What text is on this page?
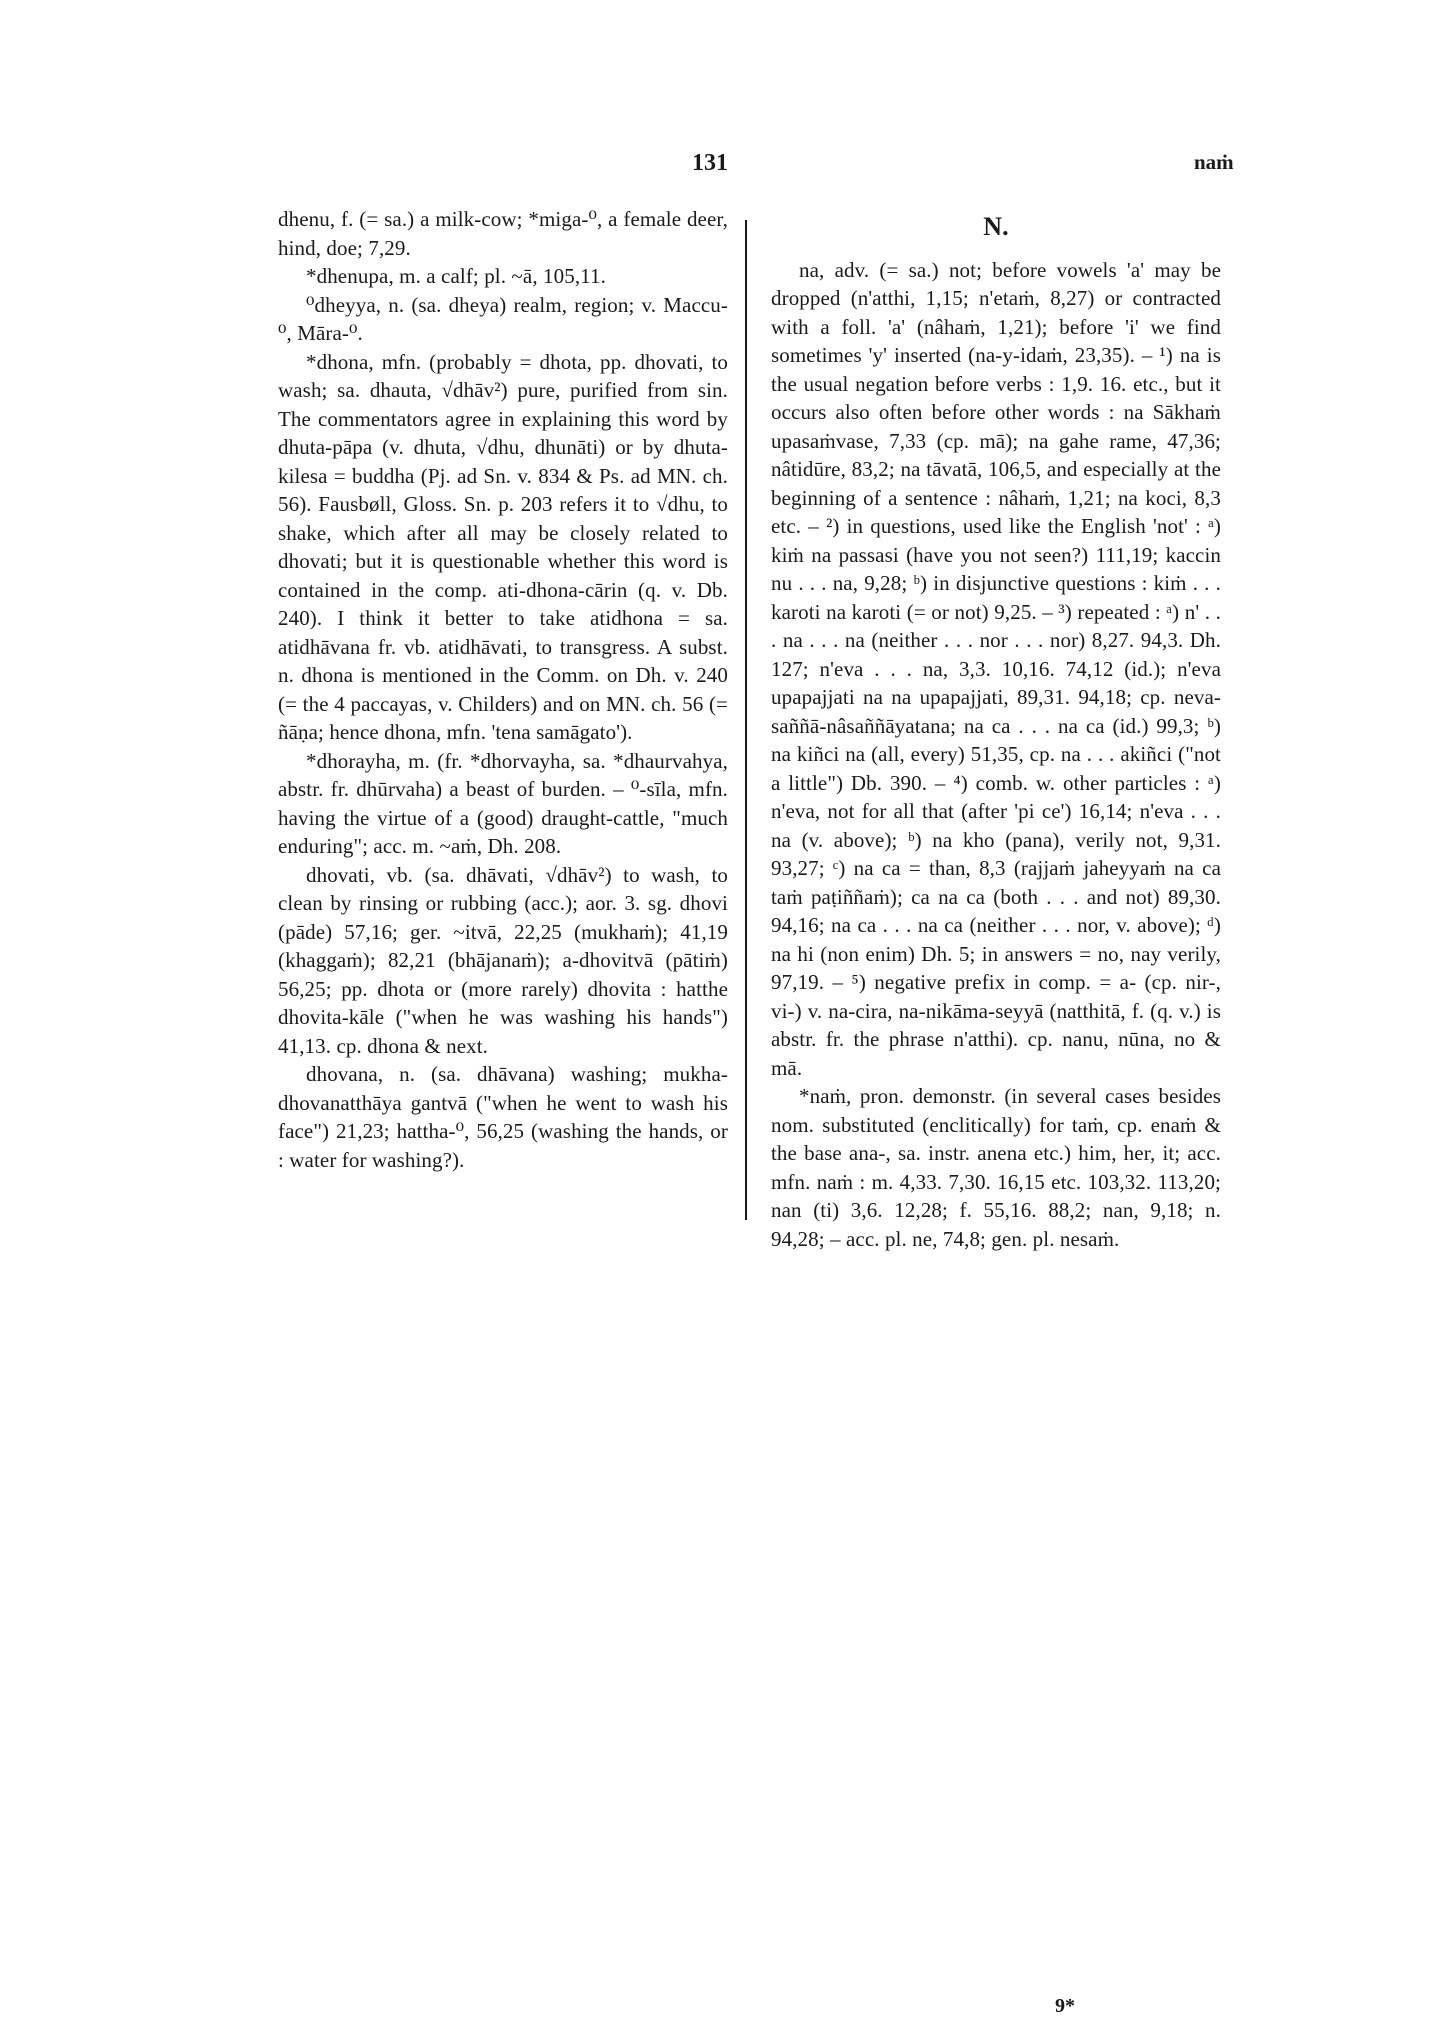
131	naṁ

dhenu, f. (= sa.) a milk-cow; *miga-⁰, a female deer, hind, doe; 7,29.

*dhenupa, m. a calf; pl. ~ā, 105,11.

⁰dheyya, n. (sa. dheya) realm, region; v. Maccu-⁰, Māra-⁰.

*dhona, mfn. (probably = dhota, pp. dhovati, to wash; sa. dhauta, √dhāv²) pure, purified from sin. The commentators agree in explaining this word by dhuta-pāpa (v. dhuta, √dhu, dhunāti) or by dhuta-kilesa = buddha (Pj. ad Sn. v. 834 & Ps. ad MN. ch. 56). Fausbøll, Gloss. Sn. p. 203 refers it to √dhu, to shake, which after all may be closely related to dhovati; but it is questionable whether this word is contained in the comp. ati-dhona-cārin (q. v. Db. 240). I think it better to take atidhona = sa. atidhāvana fr. vb. atidhāvati, to transgress. A subst. n. dhona is mentioned in the Comm. on Dh. v. 240 (= the 4 paccayas, v. Childers) and on MN. ch. 56 (= ñāṇa; hence dhona, mfn. 'tena samāgato').

*dhorayha, m. (fr. *dhorvayha, sa. *dhaurvahya, abstr. fr. dhūrvaha) a beast of burden. – ⁰-sīla, mfn. having the virtue of a (good) draught-cattle, "much enduring"; acc. m. ~aṁ, Dh. 208.

dhovati, vb. (sa. dhāvati, √dhāv²) to wash, to clean by rinsing or rubbing (acc.); aor. 3. sg. dhovi (pāde) 57,16; ger. ~itvā, 22,25 (mukhaṁ); 41,19 (khaggaṁ); 82,21 (bhājanaṁ); a-dhovitvā (pātiṁ) 56,25; pp. dhota or (more rarely) dhovita : hatthe dhovita-kāle ("when he was washing his hands") 41,13. cp. dhona & next.

dhovana, n. (sa. dhāvana) washing; mukha-dhovanatthāya gantvā ("when he went to wash his face") 21,23; hattha-⁰, 56,25 (washing the hands, or : water for washing?).

N.

na, adv. (= sa.) not; before vowels 'a' may be dropped (n'atthi, 1,15; n'etaṁ, 8,27) or contracted with a foll. 'a' (nâhaṁ, 1,21); before 'i' we find sometimes 'y' inserted (na-y-idaṁ, 23,35). – ¹) na is the usual negation before verbs : 1,9. 16. etc., but it occurs also often before other words : na Sākhaṁ upasaṁvase, 7,33 (cp. mā); na gahe rame, 47,36; nâtidūre, 83,2; na tāvatā, 106,5, and especially at the beginning of a sentence : nâhaṁ, 1,21; na koci, 8,3 etc. – ²) in questions, used like the English 'not' : ᵃ) kiṁ na passasi (have you not seen?) 111,19; kaccin nu . . . na, 9,28; ᵇ) in disjunctive questions : kiṁ . . . karoti na karoti (= or not) 9,25. – ³) repeated : ᵃ) n' . . . na . . . na (neither . . . nor . . . nor) 8,27. 94,3. Dh. 127; n'eva . . . na, 3,3. 10,16. 74,12 (id.); n'eva upapajjati na na upapajjati, 89,31. 94,18; cp. neva-saññā-nâsaññāyatana; na ca . . . na ca (id.) 99,3; ᵇ) na kiñci na (all, every) 51,35, cp. na . . . akiñci ("not a little") Db. 390. – ⁴) comb. w. other particles : ᵃ) n'eva, not for all that (after 'pi ce') 16,14; n'eva . . . na (v. above); ᵇ) na kho (pana), verily not, 9,31. 93,27; ᶜ) na ca = than, 8,3 (rajjaṁ jaheyyaṁ na ca taṁ paṭiññaṁ); ca na ca (both . . . and not) 89,30. 94,16; na ca . . . na ca (neither . . . nor, v. above); ᵈ) na hi (non enim) Dh. 5; in answers = no, nay verily, 97,19. – ⁵) negative prefix in comp. = a- (cp. nir-, vi-) v. na-cira, na-nikāma-seyyā (natthitā, f. (q. v.) is abstr. fr. the phrase n'atthi). cp. nanu, nūna, no & mā.

*naṁ, pron. demonstr. (in several cases besides nom. substituted (enclitically) for taṁ, cp. enaṁ & the base ana-, sa. instr. anena etc.) him, her, it; acc. mfn. naṁ : m. 4,33. 7,30. 16,15 etc. 103,32. 113,20; nan (ti) 3,6. 12,28; f. 55,16. 88,2; nan, 9,18; n. 94,28; – acc. pl. ne, 74,8; gen. pl. nesaṁ.

9*
